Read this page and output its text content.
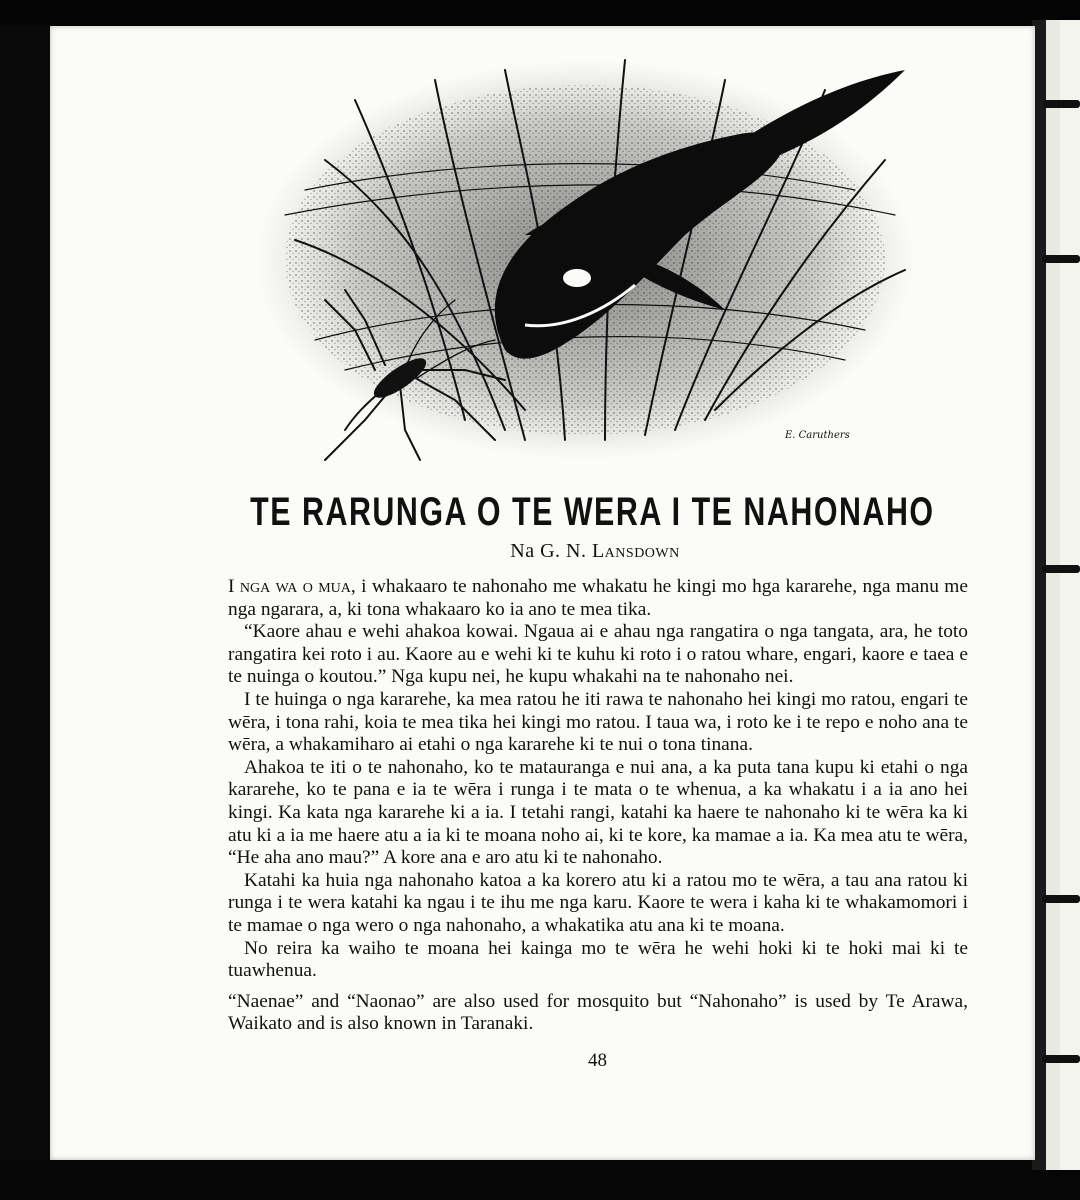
E. Caruthers
TE RARUNGA O TE WERA I TE NAHONAHO
Na G. N. Lansdown

I nga wa o mua, i whakaaro te nahonaho me whakatu he kingi mo hga kararehe, nga manu me nga ngarara, a, ki tona whakaaro ko ia ano te mea tika.

“Kaore ahau e wehi ahakoa kowai. Ngaua ai e ahau nga rangatira o nga tangata, ara, he toto rangatira kei roto i au. Kaore au e wehi ki te kuhu ki roto i o ratou whare, engari, kaore e taea e te nuinga o koutou.” Nga kupu nei, he kupu whakahi na te nahonaho nei.

I te huinga o nga kararehe, ka mea ratou he iti rawa te nahonaho hei kingi mo ratou, engari te wēra, i tona rahi, koia te mea tika hei kingi mo ratou. I taua wa, i roto ke i te repo e noho ana te wēra, a whakamiharo ai etahi o nga kararehe ki te nui o tona tinana.

Ahakoa te iti o te nahonaho, ko te matauranga e nui ana, a ka puta tana kupu ki etahi o nga kararehe, ko te pana e ia te wēra i runga i te mata o te whenua, a ka whakatu i a ia ano hei kingi. Ka kata nga kararehe ki a ia. I tetahi rangi, katahi ka haere te nahonaho ki te wēra ka ki atu ki a ia me haere atu a ia ki te moana noho ai, ki te kore, ka mamae a ia. Ka mea atu te wēra, “He aha ano mau?” A kore ana e aro atu ki te nahonaho.

Katahi ka huia nga nahonaho katoa a ka korero atu ki a ratou mo te wēra, a tau ana ratou ki runga i te wera katahi ka ngau i te ihu me nga karu. Kaore te wera i kaha ki te whakamomori i te mamae o nga wero o nga nahonaho, a whakatika atu ana ki te moana.

No reira ka waiho te moana hei kainga mo te wēra he wehi hoki ki te hoki mai ki te tuawhenua.

“Naenae” and “Naonao” are also used for mosquito but “Nahonaho” is used by Te Arawa, Waikato and is also known in Taranaki.

48
